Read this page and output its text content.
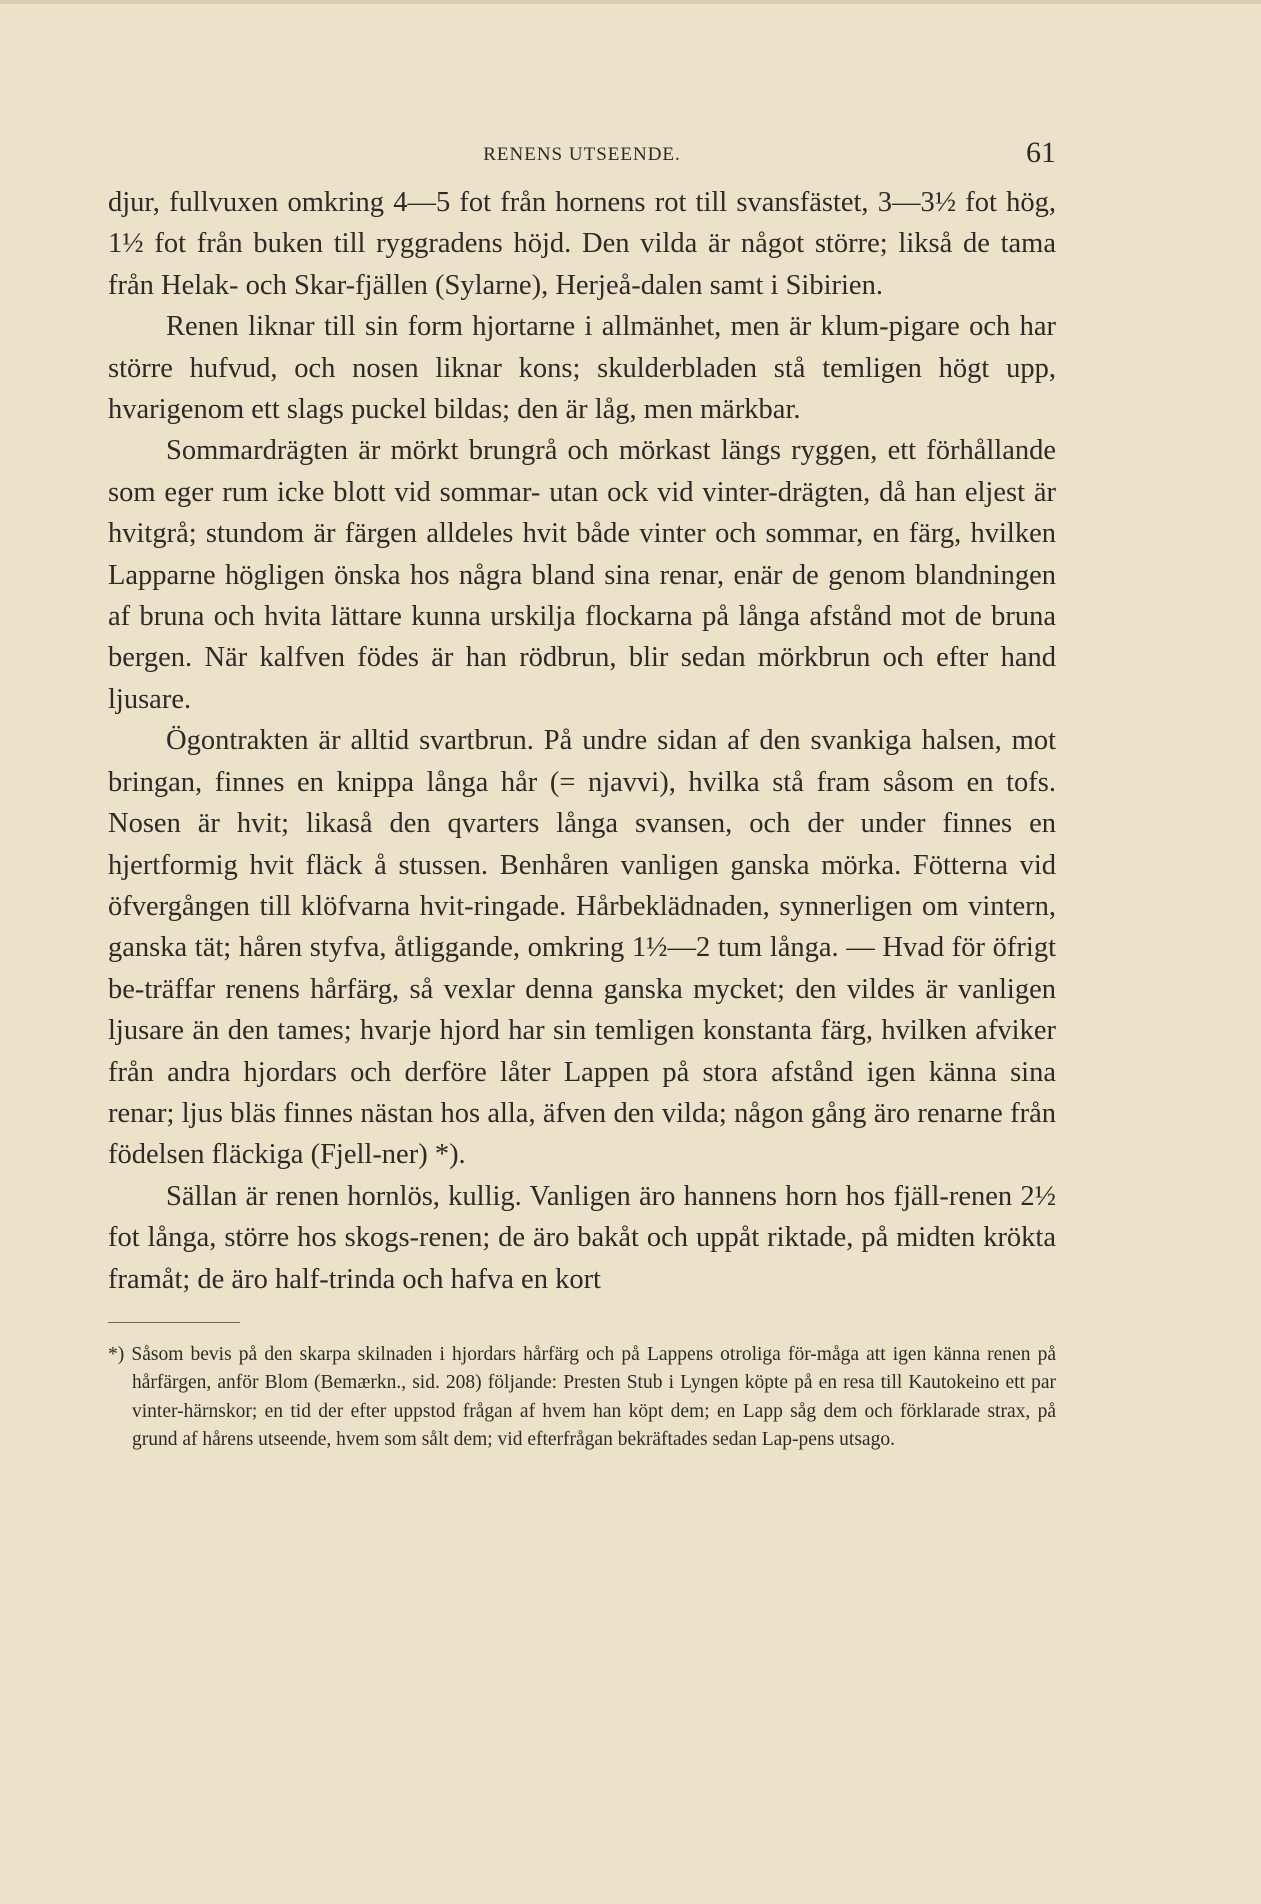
RENENS UTSEENDE.	61

djur, fullvuxen omkring 4—5 fot från hornens rot till svansfästet, 3—3½ fot hög, 1½ fot från buken till ryggradens höjd. Den vilda är något större; likså de tama från Helak- och Skar-fjällen (Sylarne), Herjeå-dalen samt i Sibirien.

Renen liknar till sin form hjortarne i allmänhet, men är klum-pigare och har större hufvud, och nosen liknar kons; skulderbladen stå temligen högt upp, hvarigenom ett slags puckel bildas; den är låg, men märkbar.

Sommardrägten är mörkt brungrå och mörkast längs ryggen, ett förhållande som eger rum icke blott vid sommar- utan ock vid vinter-drägten, då han eljest är hvitgrå; stundom är färgen alldeles hvit både vinter och sommar, en färg, hvilken Lapparne högligen önska hos några bland sina renar, enär de genom blandningen af bruna och hvita lättare kunna urskilja flockarna på långa afstånd mot de bruna bergen. När kalfven födes är han rödbrun, blir sedan mörkbrun och efter hand ljusare.

Ögontrakten är alltid svartbrun. På undre sidan af den svankiga halsen, mot bringan, finnes en knippa långa hår (= njavvi), hvilka stå fram såsom en tofs. Nosen är hvit; likaså den qvarters långa svansen, och der under finnes en hjertformig hvit fläck å stussen. Benhåren vanligen ganska mörka. Fötterna vid öfvergången till klöfvarna hvit-ringade. Hårbeklädnaden, synnerligen om vintern, ganska tät; håren styfva, åtliggande, omkring 1½—2 tum långa. — Hvad för öfrigt be-träffar renens hårfärg, så vexlar denna ganska mycket; den vildes är vanligen ljusare än den tames; hvarje hjord har sin temligen konstanta färg, hvilken afviker från andra hjordars och derföre låter Lappen på stora afstånd igen känna sina renar; ljus bläs finnes nästan hos alla, äfven den vilda; någon gång äro renarne från födelsen fläckiga (Fjell-ner) *).

Sällan är renen hornlös, kullig. Vanligen äro hannens horn hos fjäll-renen 2½ fot långa, större hos skogs-renen; de äro bakåt och uppåt riktade, på midten krökta framåt; de äro half-trinda och hafva en kort

*) Såsom bevis på den skarpa skilnaden i hjordars hårfärg och på Lappens otroliga för-måga att igen känna renen på hårfärgen, anför Blom (Bemærkn., sid. 208) följande: Presten Stub i Lyngen köpte på en resa till Kautokeino ett par vinter-härnskor; en tid der efter uppstod frågan af hvem han köpt dem; en Lapp såg dem och förklarade strax, på grund af hårens utseende, hvem som sålt dem; vid efterfrågan bekräftades sedan Lap-pens utsago.
